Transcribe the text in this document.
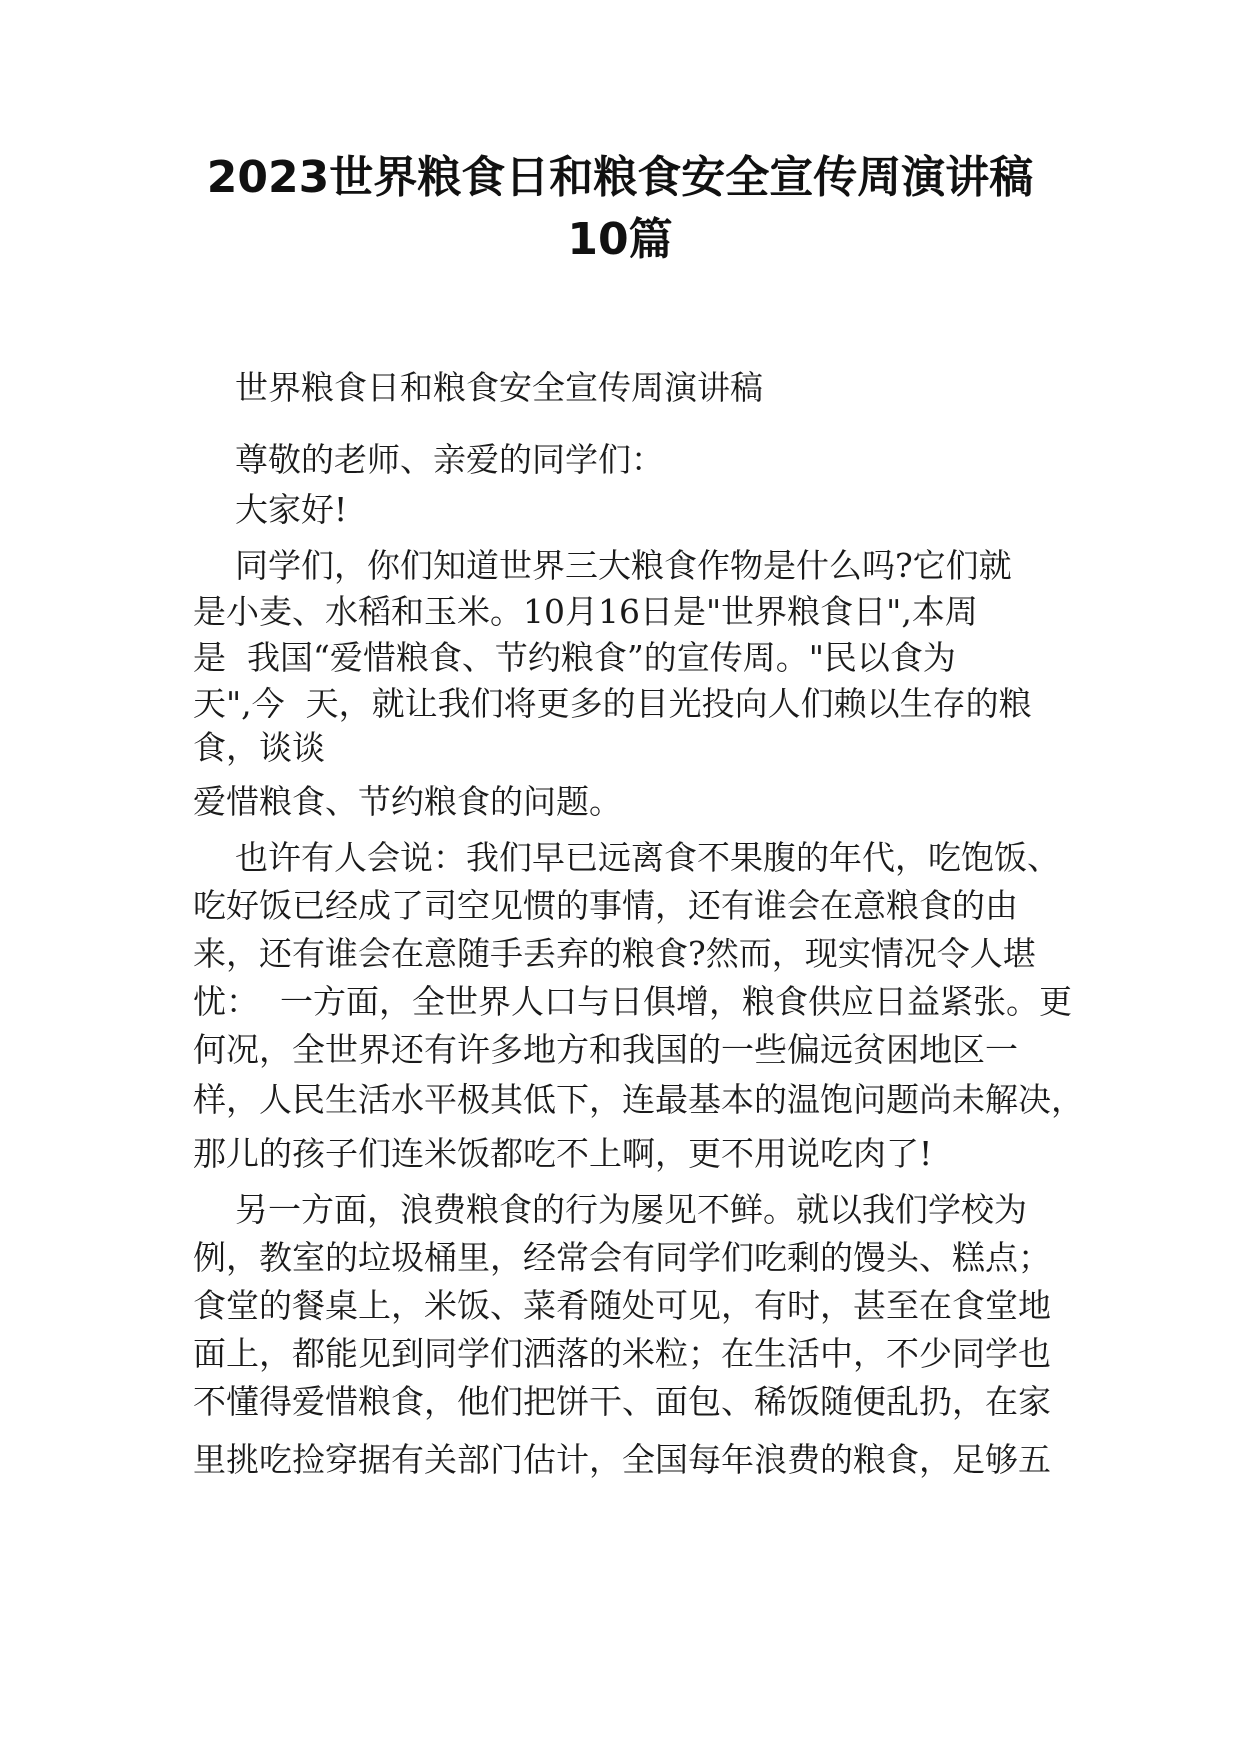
2023世界粮食日和粮食安全宣传周演讲稿
10篇

世界粮食日和粮食安全宣传周演讲稿

尊敬的老师、亲爱的同学们：

大家好!

同学们，你们知道世界三大粮食作物是什么吗?它们就

是小麦、水稻和玉米。10月16日是"世界粮食日",本周

是  我国“爱惜粮食、节约粮食”的宣传周。"民以食为

天",今  天，就让我们将更多的目光投向人们赖以生存的粮

食，谈谈

爱惜粮食、节约粮食的问题。

也许有人会说：我们早已远离食不果腹的年代，吃饱饭、

吃好饭已经成了司空见惯的事情，还有谁会在意粮食的由

来，还有谁会在意随手丢弃的粮食?然而，现实情况令人堪

忧：  一方面，全世界人口与日俱增，粮食供应日益紧张。更

何况，全世界还有许多地方和我国的一些偏远贫困地区一

样，人民生活水平极其低下，连最基本的温饱问题尚未解决，

那儿的孩子们连米饭都吃不上啊，更不用说吃肉了!

另一方面，浪费粮食的行为屡见不鲜。就以我们学校为

例，教室的垃圾桶里，经常会有同学们吃剩的馒头、糕点；

食堂的餐桌上，米饭、菜肴随处可见，有时，甚至在食堂地

面上，都能见到同学们洒落的米粒；在生活中，不少同学也

不懂得爱惜粮食，他们把饼干、面包、稀饭随便乱扔，在家

里挑吃捡穿据有关部门估计，全国每年浪费的粮食，足够五
